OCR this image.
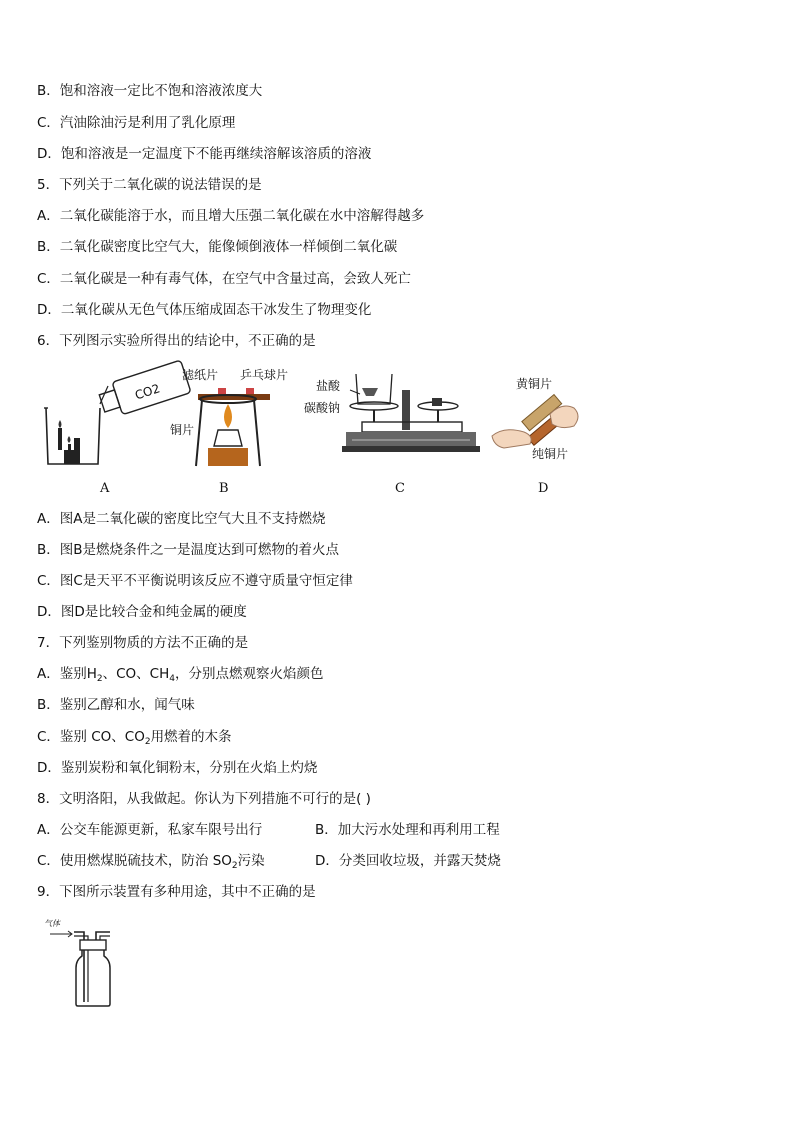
B．饱和溶液一定比不饱和溶液浓度大
C．汽油除油污是利用了乳化原理
D．饱和溶液是一定温度下不能再继续溶解该溶质的溶液
5．下列关于二氧化碳的说法错误的是
A．二氧化碳能溶于水，而且增大压强二氧化碳在水中溶解得越多
B．二氧化碳密度比空气大，能像倾倒液体一样倾倒二氧化碳
C．二氧化碳是一种有毒气体，在空气中含量过高，会致人死亡
D．二氧化碳从无色气体压缩成固态干冰发生了物理变化
6．下列图示实验所得出的结论中，不正确的是
CO2
A
滤纸片 乒乓球片
铜片
B
盐酸
碳酸钠
C
黄铜片
纯铜片
D
A．图A是二氧化碳的密度比空气大且不支持燃烧
B．图B是燃烧条件之一是温度达到可燃物的着火点
C．图C是天平不平衡说明该反应不遵守质量守恒定律
D．图D是比较合金和纯金属的硬度
7．下列鉴别物质的方法不正确的是
A．鉴别$H_2$、CO、$CH_4$，分别点燃观察火焰颜色
B．鉴别乙醇和水，闻气味
C．鉴别 CO、$CO_2$用燃着的木条
D．鉴别炭粉和氧化铜粉末，分别在火焰上灼烧
8．文明洛阳，从我做起。你认为下列措施不可行的是( )
A．公交车能源更新，私家车限号出行	B．加大污水处理和再利用工程
C．使用燃煤脱硫技术，防治 $SO_2$污染	D．分类回收垃圾，并露天焚烧
9．下图所示装置有多种用途，其中不正确的是
气体
